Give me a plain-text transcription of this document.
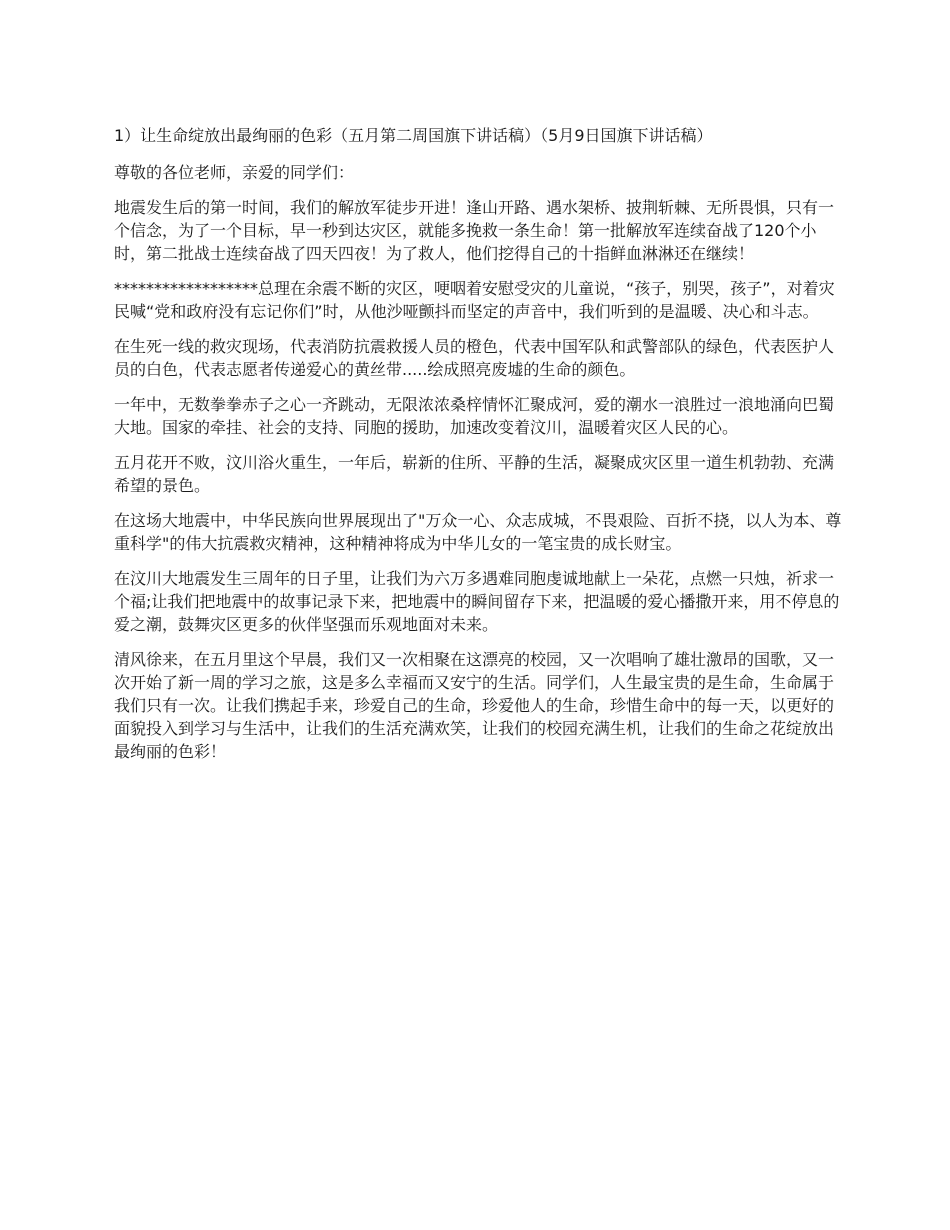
1）让生命绽放出最绚丽的色彩（五月第二周国旗下讲话稿）（5月9日国旗下讲话稿）

尊敬的各位老师，亲爱的同学们：

地震发生后的第一时间，我们的解放军徒步开进！逢山开路、遇水架桥、披荆斩棘、无所畏惧，只有一个信念，为了一个目标，早一秒到达灾区，就能多挽救一条生命！第一批解放军连续奋战了120个小时，第二批战士连续奋战了四天四夜！为了救人，他们挖得自己的十指鲜血淋淋还在继续！

******************总理在余震不断的灾区，哽咽着安慰受灾的儿童说，“孩子，别哭，孩子”，对着灾民喊“党和政府没有忘记你们”时，从他沙哑颤抖而坚定的声音中，我们听到的是温暖、决心和斗志。

在生死一线的救灾现场，代表消防抗震救援人员的橙色，代表中国军队和武警部队的绿色，代表医护人员的白色，代表志愿者传递爱心的黄丝带.....绘成照亮废墟的生命的颜色。

一年中，无数拳拳赤子之心一齐跳动，无限浓浓桑梓情怀汇聚成河，爱的潮水一浪胜过一浪地涌向巴蜀大地。国家的牵挂、社会的支持、同胞的援助，加速改变着汶川，温暖着灾区人民的心。

五月花开不败，汶川浴火重生，一年后，崭新的住所、平静的生活，凝聚成灾区里一道生机勃勃、充满希望的景色。

在这场大地震中，中华民族向世界展现出了"万众一心、众志成城，不畏艰险、百折不挠，以人为本、尊重科学"的伟大抗震救灾精神，这种精神将成为中华儿女的一笔宝贵的成长财宝。

在汶川大地震发生三周年的日子里，让我们为六万多遇难同胞虔诚地献上一朵花，点燃一只烛，祈求一个福;让我们把地震中的故事记录下来，把地震中的瞬间留存下来，把温暖的爱心播撒开来，用不停息的爱之潮，鼓舞灾区更多的伙伴坚强而乐观地面对未来。

清风徐来，在五月里这个早晨，我们又一次相聚在这漂亮的校园，又一次唱响了雄壮激昂的国歌，又一次开始了新一周的学习之旅，这是多么幸福而又安宁的生活。同学们，人生最宝贵的是生命，生命属于我们只有一次。让我们携起手来，珍爱自己的生命，珍爱他人的生命，珍惜生命中的每一天，以更好的面貌投入到学习与生活中，让我们的生活充满欢笑，让我们的校园充满生机，让我们的生命之花绽放出最绚丽的色彩！
